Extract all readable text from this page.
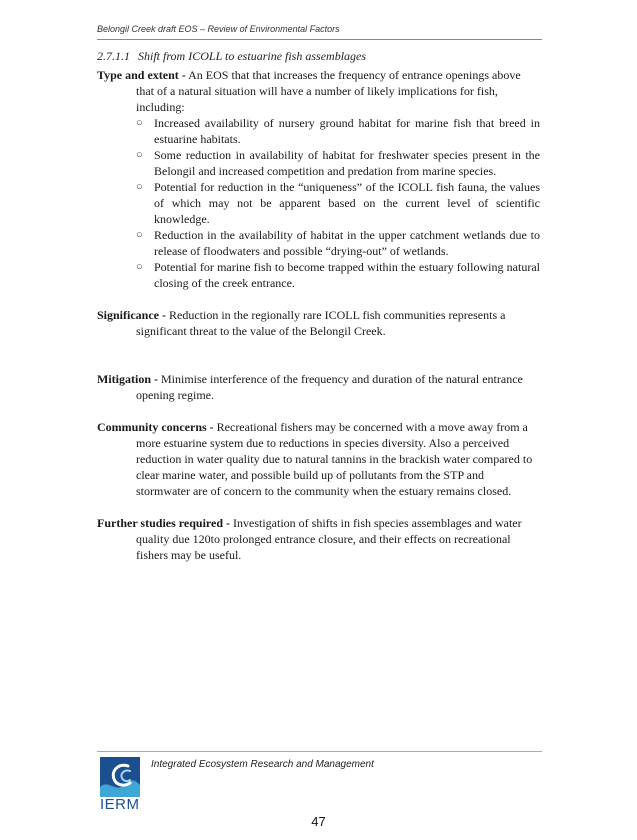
Belongil Creek draft EOS – Review of Environmental Factors
2.7.1.1 Shift from ICOLL to estuarine fish assemblages

Type and extent - An EOS that that increases the frequency of entrance openings above that of a natural situation will have a number of likely implications for fish, including:

○ Increased availability of nursery ground habitat for marine fish that breed in estuarine habitats.
○ Some reduction in availability of habitat for freshwater species present in the Belongil and increased competition and predation from marine species.
○ Potential for reduction in the “uniqueness” of the ICOLL fish fauna, the values of which may not be apparent based on the current level of scientific knowledge.
○ Reduction in the availability of habitat in the upper catchment wetlands due to release of floodwaters and possible “drying-out” of wetlands.
○ Potential for marine fish to become trapped within the estuary following natural closing of the creek entrance.

Significance - Reduction in the regionally rare ICOLL fish communities represents a significant threat to the value of the Belongil Creek.

Mitigation - Minimise interference of the frequency and duration of the natural entrance opening regime.

Community concerns - Recreational fishers may be concerned with a move away from a more estuarine system due to reductions in species diversity. Also a perceived reduction in water quality due to natural tannins in the brackish water compared to clear marine water, and possible build up of pollutants from the STP and stormwater are of concern to the community when the estuary remains closed.

Further studies required - Investigation of shifts in fish species assemblages and water quality due 120to prolonged entrance closure, and their effects on recreational fishers may be useful.

IERM
Integrated Ecosystem Research and Management
47
